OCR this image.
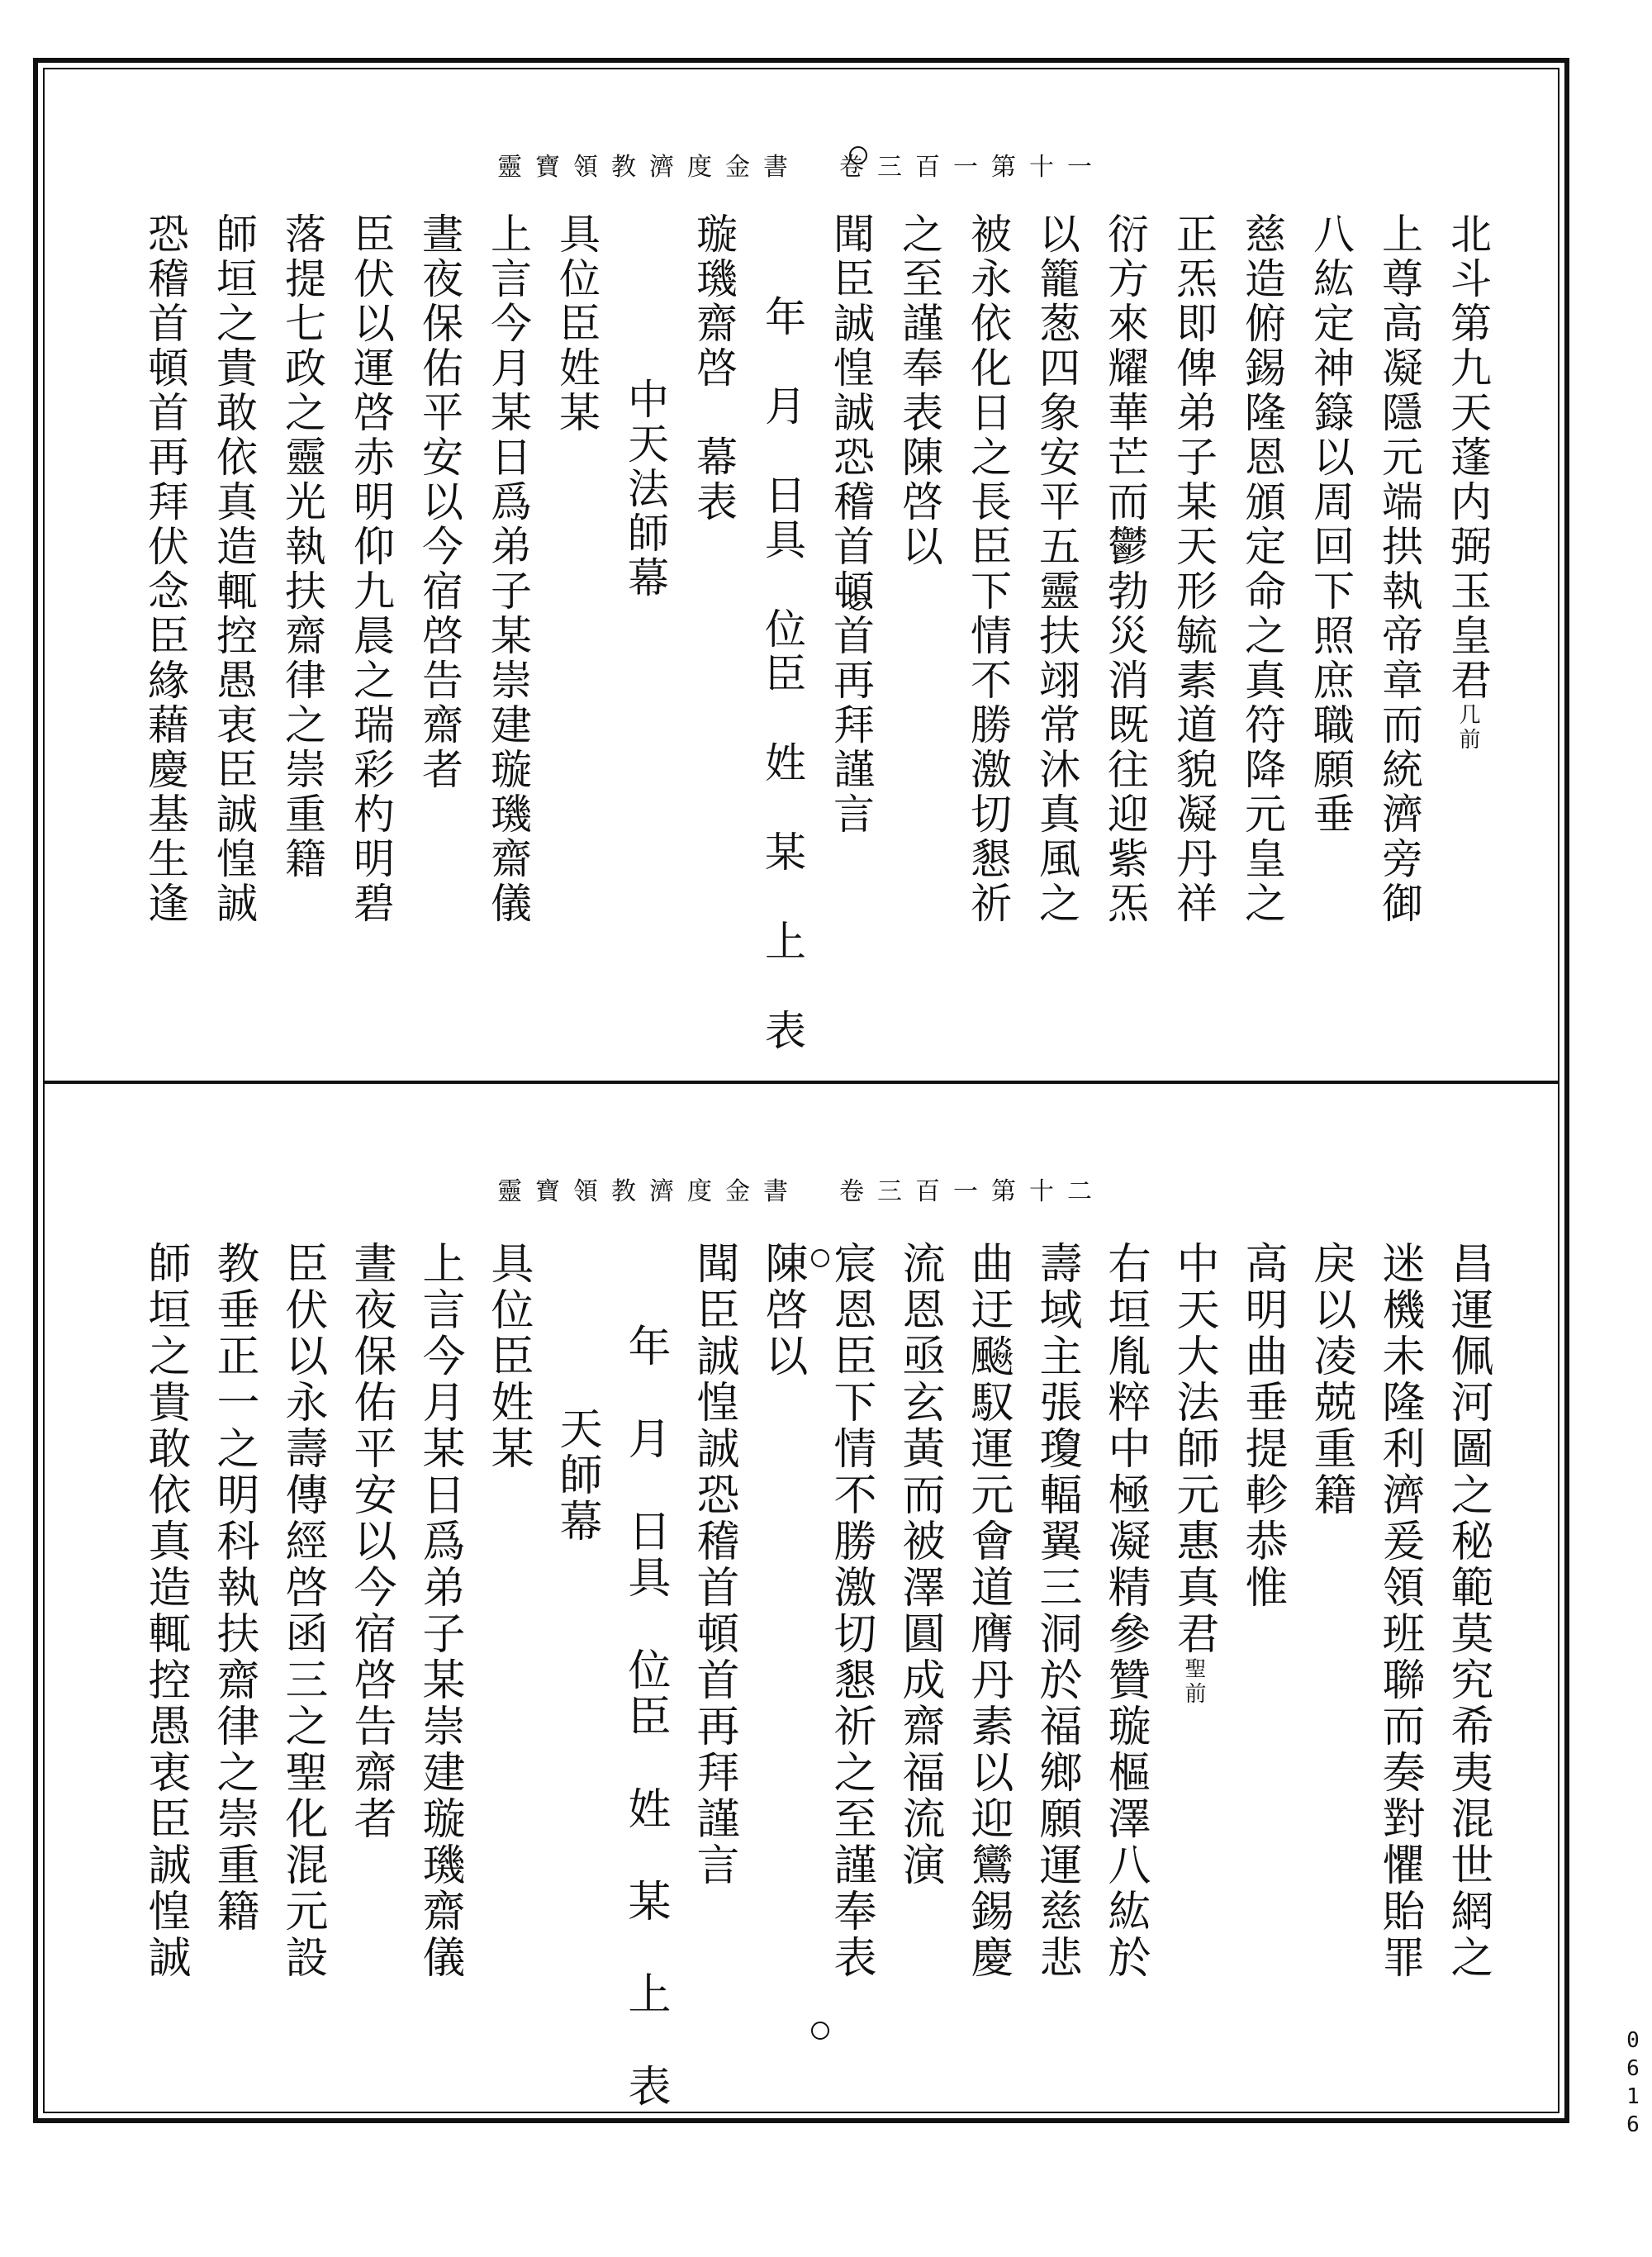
靈寶領教濟度金書　卷三百一第十一
北斗第九天蓬内弼玉皇君几前
上尊高凝隱元端拱執帝章而統濟旁御
八紘定神籙以周回下照庶職願垂
慈造俯錫隆恩頒定命之真符降元皇之
正炁即俾弟子某天形毓素道貌凝丹祥
衍方來耀華芒而鬱勃災消既往迎紫炁
以籠葱四象安平五靈扶翊常沐真風之
被永依化日之長臣下情不勝激切懇祈
之至謹奉表陳啓以
聞臣誠惶誠恐稽首頓首再拜謹言
年　月　日具　位臣　姓　某　上　表
璇璣齋啓　幕表
中天法師幕
具位臣姓某
上言今月某日爲弟子某崇建璇璣齋儀
晝夜保佑平安以今宿啓告齋者
臣伏以運啓赤明仰九晨之瑞彩杓明碧
落提七政之靈光執扶齋律之崇重籍
師垣之貴敢依真造輒控愚衷臣誠惶誠
恐稽首頓首再拜伏念臣緣藉慶基生逢
靈寶領教濟度金書　卷三百一第十二
昌運佩河圖之秘範莫究希夷混世網之
迷機未隆利濟爰領班聯而奏對懼貽罪
戾以凌兢重籍
高明曲垂提軫恭惟
中天大法師元惠真君聖前
右垣胤粹中極凝精參贊璇樞澤八紘於
壽域主張瓊輻翼三洞於福鄉願運慈悲
曲迂飈馭運元會道膺丹素以迎鸞錫慶
流恩亟玄黃而被澤圓成齋福流演
宸恩臣下情不勝激切懇祈之至謹奉表
陳啓以
聞臣誠惶誠恐稽首頓首再拜謹言
年　月　日具　位臣　姓　某　上　表
天師幕
具位臣姓某
上言今月某日爲弟子某崇建璇璣齋儀
晝夜保佑平安以今宿啓告齋者
臣伏以永壽傳經啓函三之聖化混元設
教垂正一之明科執扶齋律之崇重籍
師垣之貴敢依真造輒控愚衷臣誠惶誠
0616
